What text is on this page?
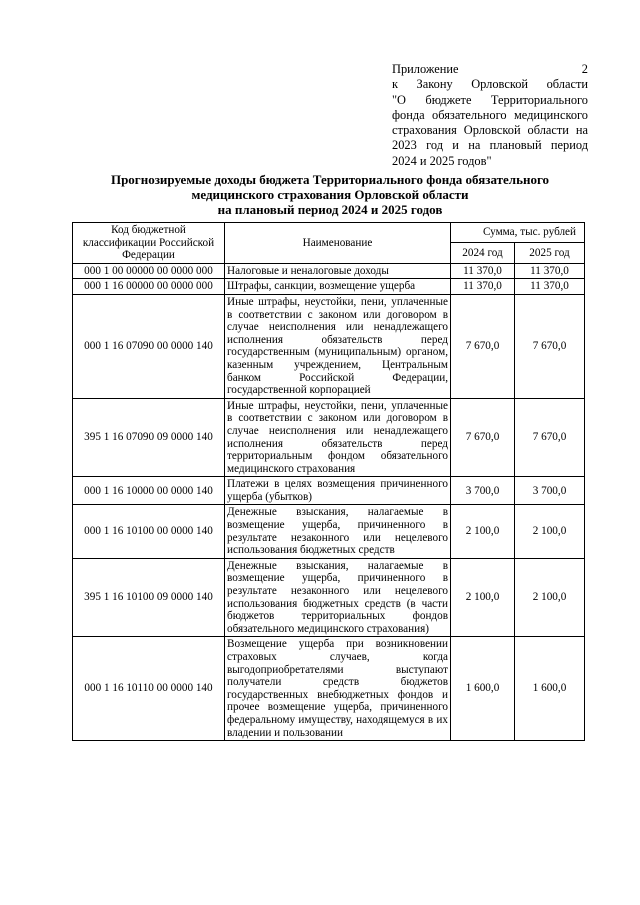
Приложение 2
к Закону Орловской области
"О бюджете Территориального
фонда обязательного медицинского
страхования Орловской области на
2023 год и на плановый период
2024 и 2025 годов"
Прогнозируемые доходы бюджета Территориального фонда обязательного
медицинского страхования Орловской области
на плановый период 2024 и 2025 годов
Код бюджетной классификации Российской Федерации	Наименование	Сумма, тыс. рублей	
		2024 год	2025 год
000 1 00 00000 00 0000 000	Налоговые и неналоговые доходы	11 370,0	11 370,0
000 1 16 00000 00 0000 000	Штрафы, санкции, возмещение ущерба	11 370,0	11 370,0
000 1 16 07090 00 0000 140	Иные штрафы, неустойки, пени, уплаченные в соответствии с законом или договором в случае неисполнения или ненадлежащего исполнения обязательств перед государственным (муниципальным) органом, казенным учреждением, Центральным банком Российской Федерации, государственной корпорацией	7 670,0	7 670,0
395 1 16 07090 09 0000 140	Иные штрафы, неустойки, пени, уплаченные в соответствии с законом или договором в случае неисполнения или ненадлежащего исполнения обязательств перед территориальным фондом обязательного медицинского страхования	7 670,0	7 670,0
000 1 16 10000 00 0000 140	Платежи в целях возмещения причиненного ущерба (убытков)	3 700,0	3 700,0
000 1 16 10100 00 0000 140	Денежные взыскания, налагаемые в возмещение ущерба, причиненного в результате незаконного или нецелевого использования бюджетных средств	2 100,0	2 100,0
395 1 16 10100 09 0000 140	Денежные взыскания, налагаемые в возмещение ущерба, причиненного в результате незаконного или нецелевого использования бюджетных средств (в части бюджетов территориальных фондов обязательного медицинского страхования)	2 100,0	2 100,0
000 1 16 10110 00 0000 140	Возмещение ущерба при возникновении страховых случаев, когда выгодоприобретателями выступают получатели средств бюджетов государственных внебюджетных фондов и прочее возмещение ущерба, причиненного федеральному имуществу, находящемуся в их владении и пользовании	1 600,0	1 600,0
